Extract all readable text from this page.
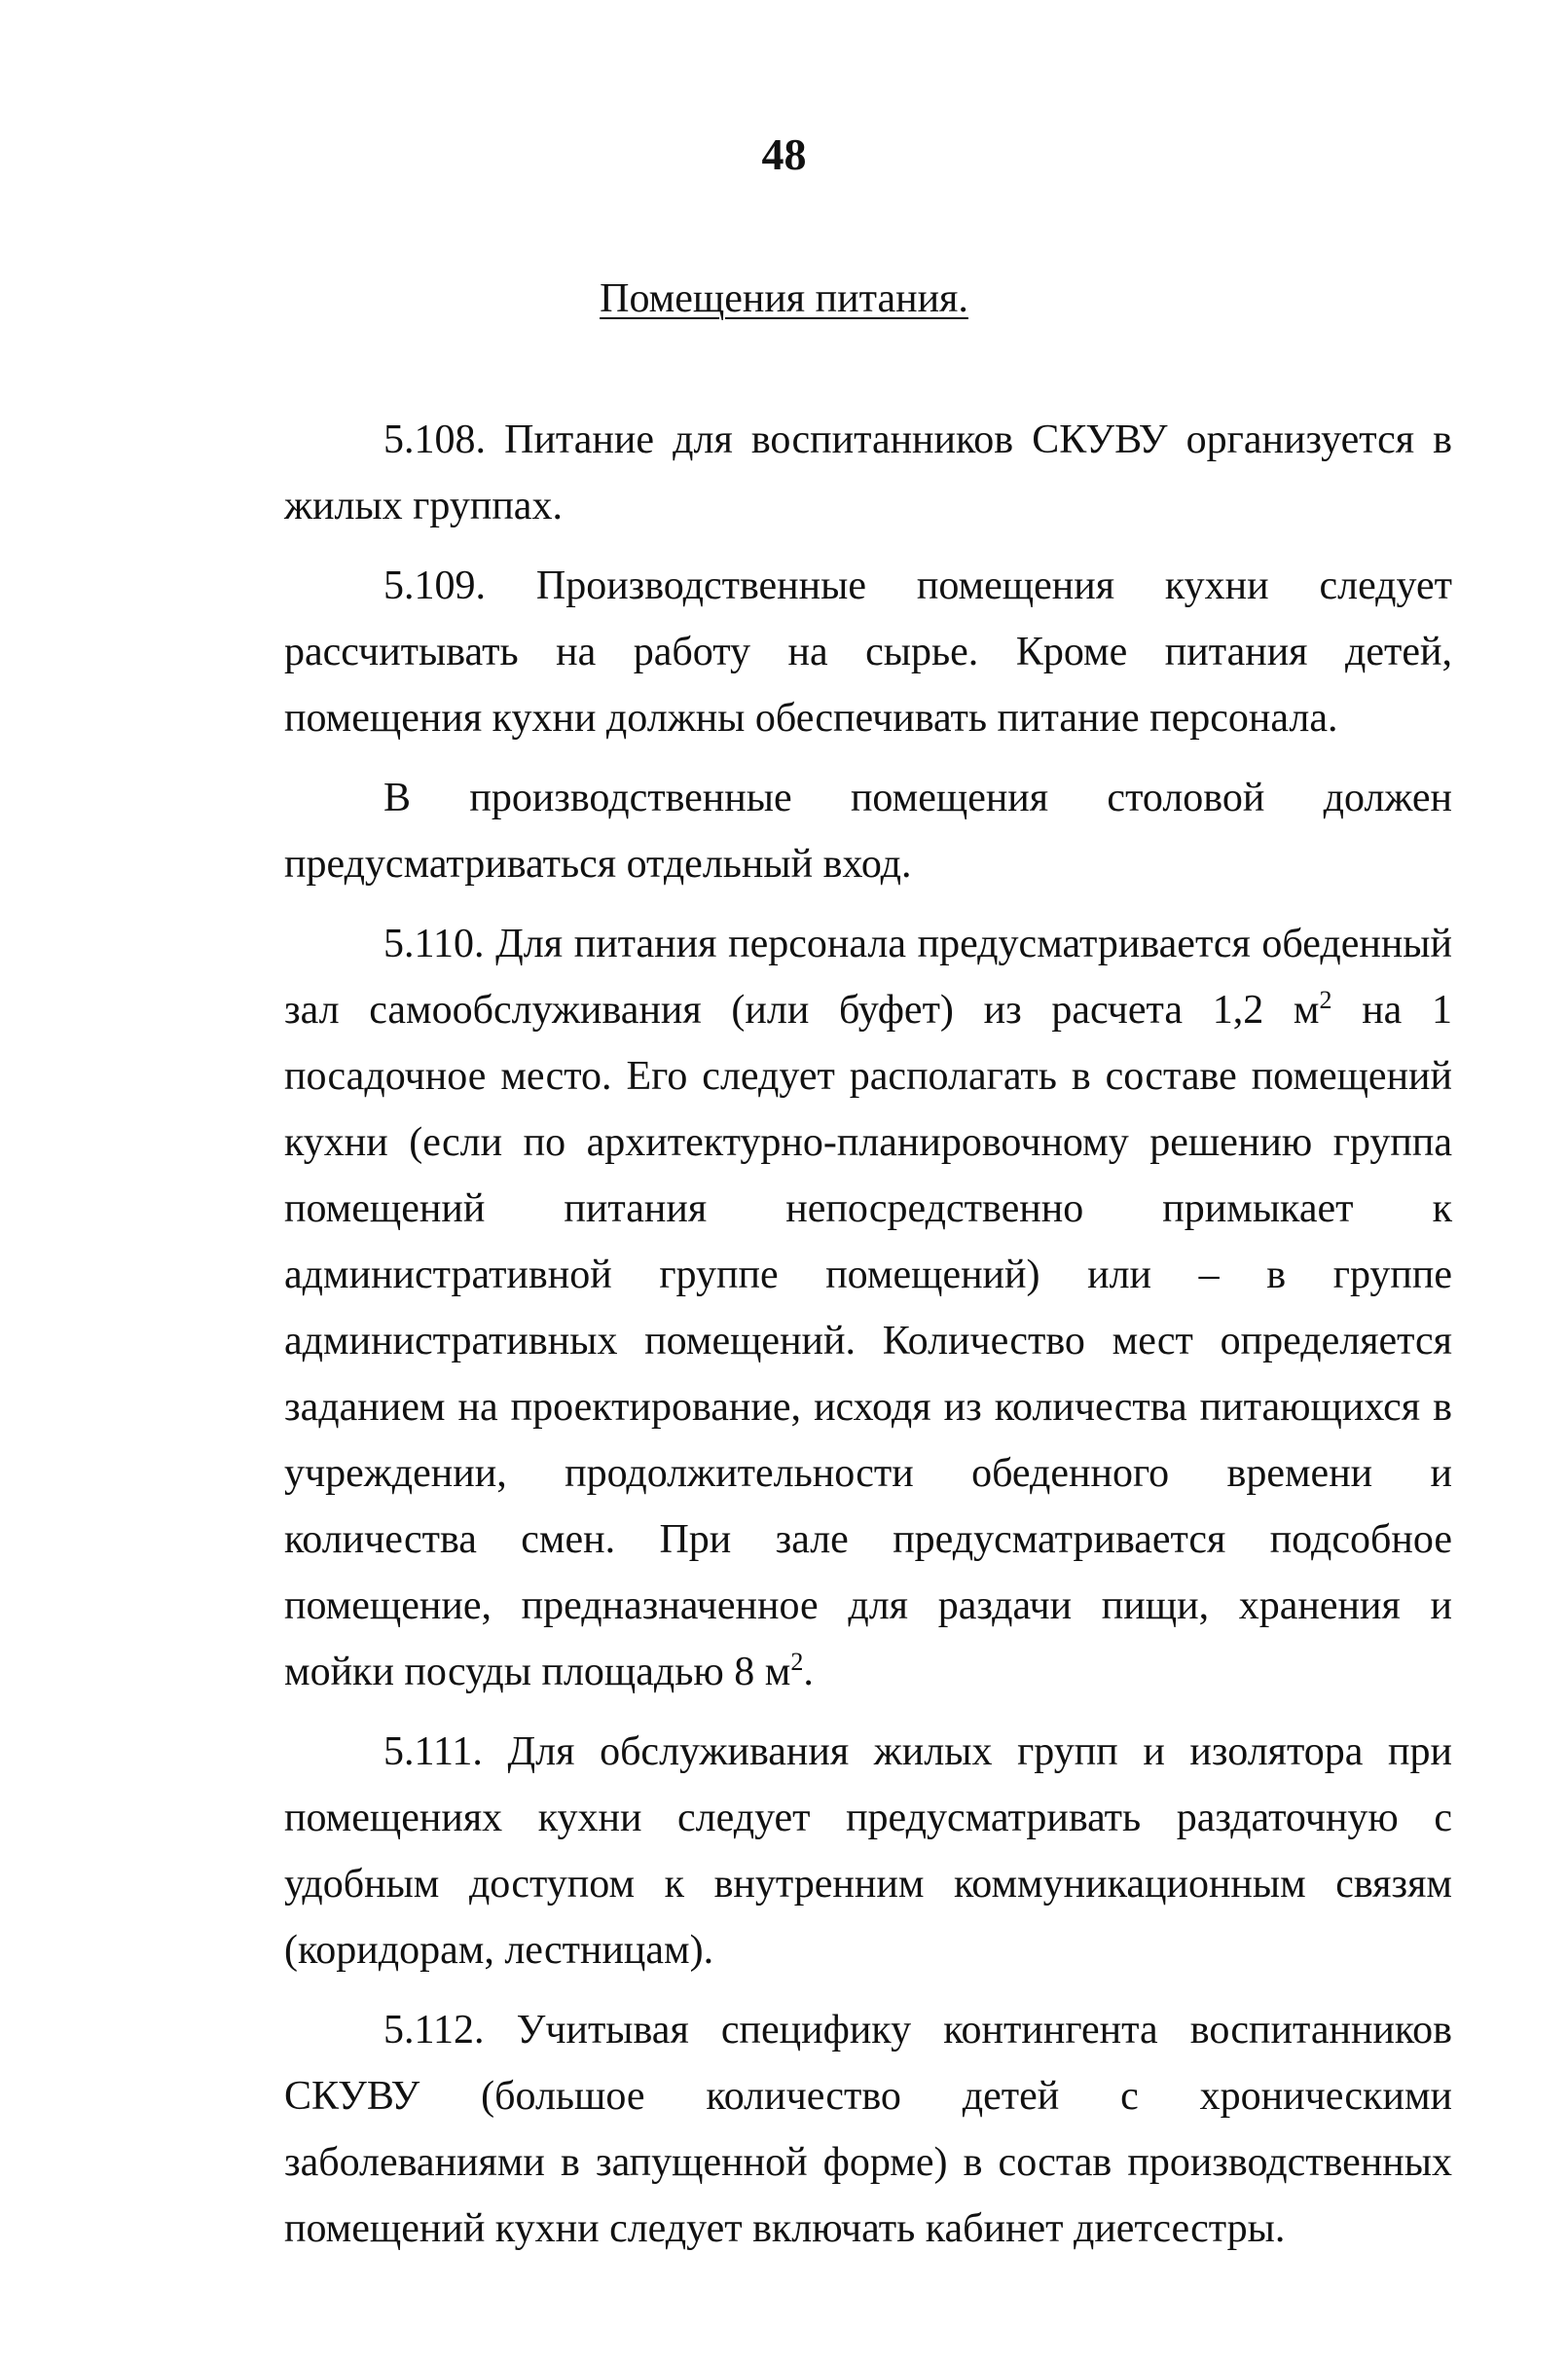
48
Помещения питания.

5.108. Питание для воспитанников СКУВУ организуется в жилых группах.

5.109. Производственные помещения кухни следует рассчитывать на работу на сырье. Кроме питания детей, помещения кухни должны обеспечивать питание персонала.

В производственные помещения столовой должен предусматриваться отдельный вход.

5.110. Для питания персонала предусматривается обеденный зал самообслуживания (или буфет) из расчета 1,2 $м^2$ на 1 посадочное место. Его следует располагать в составе помещений кухни (если по архитектурно-планировочному решению группа помещений питания непосредственно примыкает к административной группе помещений) или – в группе административных помещений. Количество мест определяется заданием на проектирование, исходя из количества питающихся в учреждении, продолжительности обеденного времени и количества смен. При зале предусматривается подсобное помещение, предназначенное для раздачи пищи, хранения и мойки посуды площадью 8 $м^2$.

5.111. Для обслуживания жилых групп и изолятора при помещениях кухни следует предусматривать раздаточную с удобным доступом к внутренним коммуникационным связям (коридорам, лестницам).

5.112. Учитывая специфику контингента воспитанников СКУВУ (большое количество детей с хроническими заболеваниями в запущенной форме) в состав производственных помещений кухни следует включать кабинет диетсестры.
